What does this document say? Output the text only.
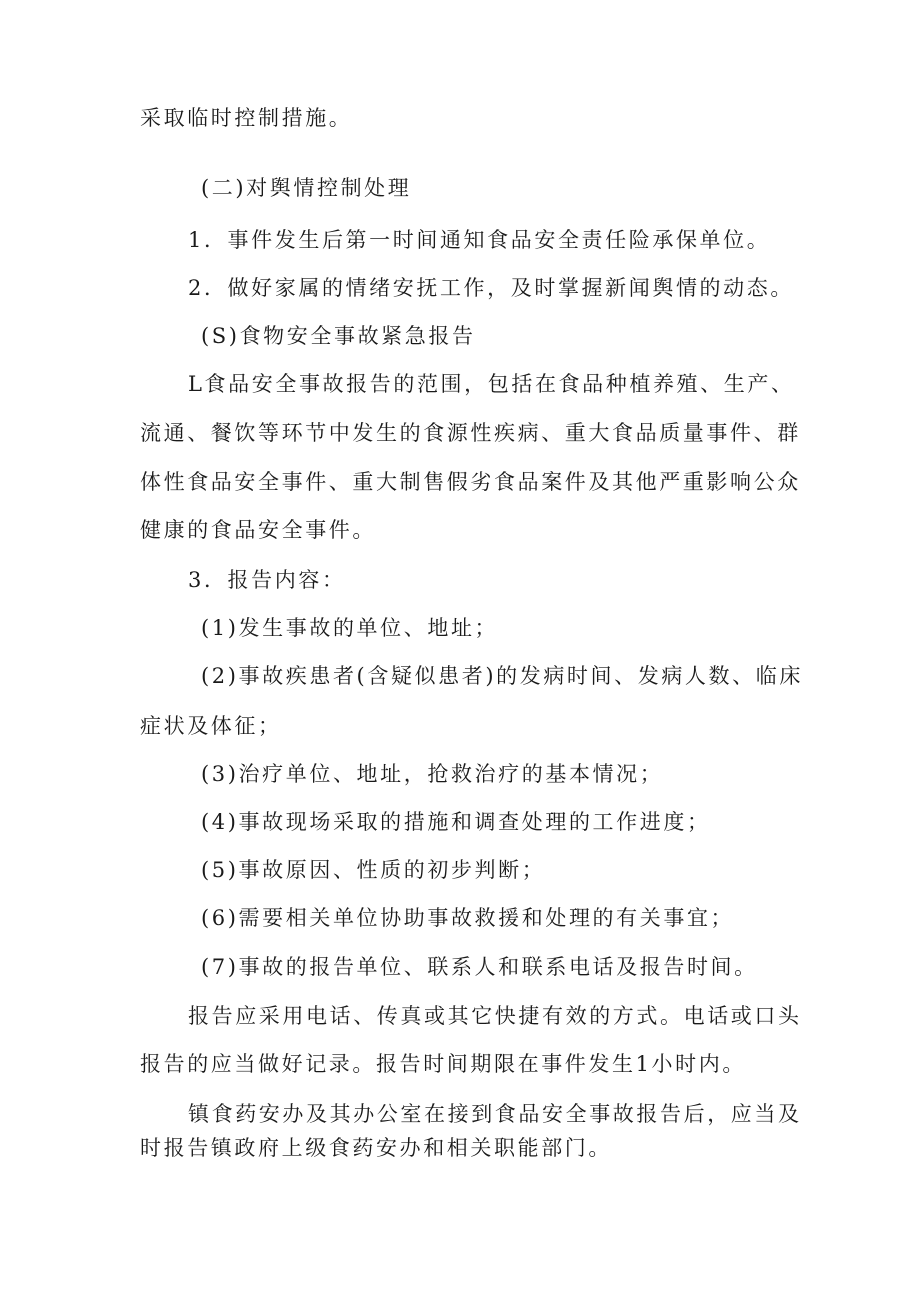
采取临时控制措施。
(二)对舆情控制处理
1．事件发生后第一时间通知食品安全责任险承保单位。
2．做好家属的情绪安抚工作，及时掌握新闻舆情的动态。
(S)食物安全事故紧急报告
L食品安全事故报告的范围，包括在食品种植养殖、生产、
流通、餐饮等环节中发生的食源性疾病、重大食品质量事件、群
体性食品安全事件、重大制售假劣食品案件及其他严重影响公众
健康的食品安全事件。
3．报告内容：
(1)发生事故的单位、地址；
(2)事故疾患者(含疑似患者)的发病时间、发病人数、临床
症状及体征；
(3)治疗单位、地址，抢救治疗的基本情况；
(4)事故现场采取的措施和调查处理的工作进度；
(5)事故原因、性质的初步判断；
(6)需要相关单位协助事故救援和处理的有关事宜；
(7)事故的报告单位、联系人和联系电话及报告时间。
报告应采用电话、传真或其它快捷有效的方式。电话或口头
报告的应当做好记录。报告时间期限在事件发生1小时内。
镇食药安办及其办公室在接到食品安全事故报告后，应当及
时报告镇政府上级食药安办和相关职能部门。
